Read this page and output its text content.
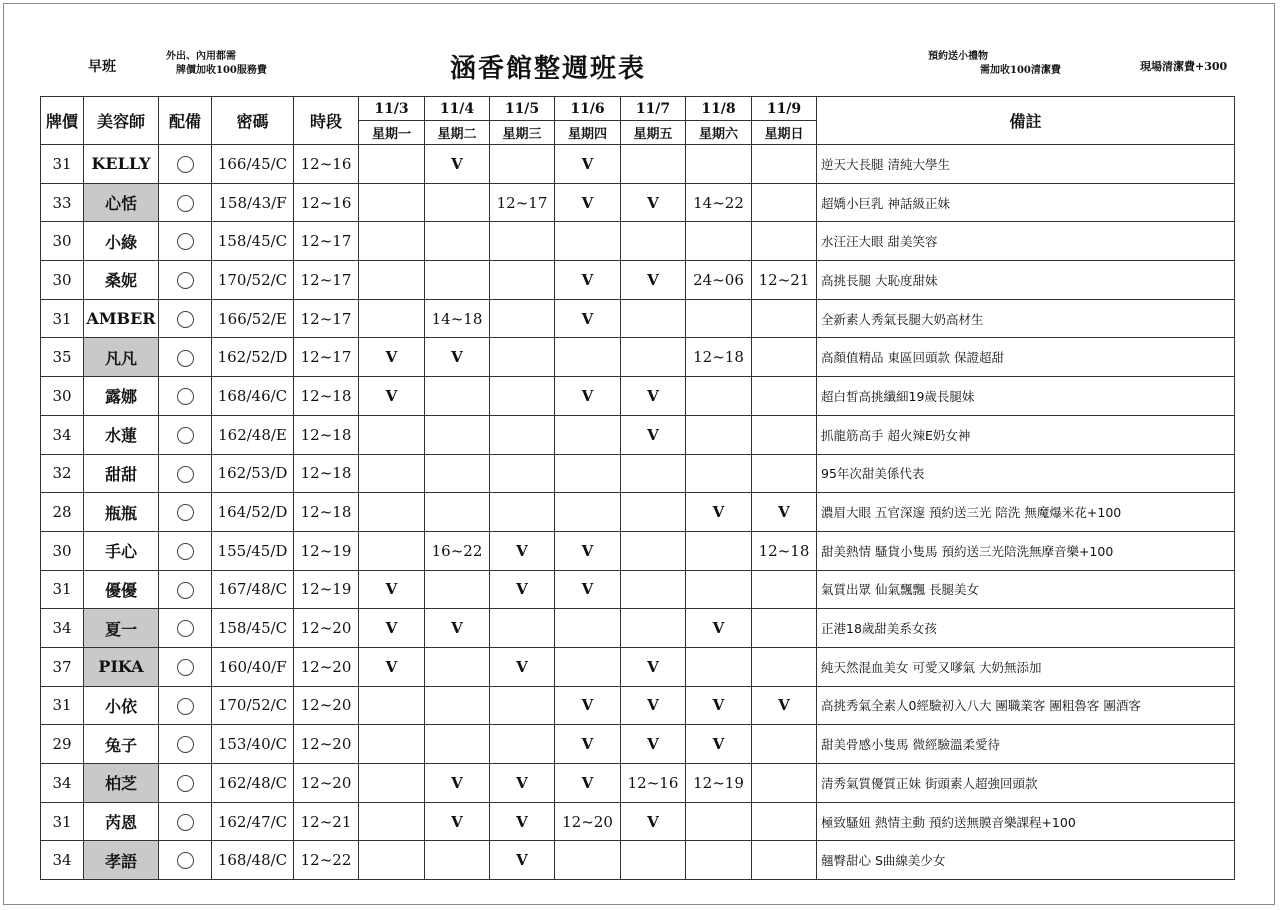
早班
外出、內用都需
牌價加收100服務費	涵香館整週班表	預約送小禮物
需加收100清潔費	現場清潔費+300
牌價	美容師	配備	密碼	時段	11/3	11/4	11/5	11/6	11/7	11/8	11/9	備註
					星期一	星期二	星期三	星期四	星期五	星期六	星期日	
31	KELLY		166/45/C	12~16		V		V				逆天大長腿 清純大學生
33	心恬		158/43/F	12~16			12~17	V	V	14~22		超嬌小巨乳 神話級正妹
30	小綠		158/45/C	12~17								水汪汪大眼 甜美笑容
30	桑妮		170/52/C	12~17				V	V	24~06	12~21	高挑長腿 大恥度甜妹
31	AMBER		166/52/E	12~17		14~18		V				全新素人秀氣長腿大奶高材生
35	凡凡		162/52/D	12~17	V	V				12~18		高顏值精品 東區回頭款 保證超甜
30	露娜		168/46/C	12~18	V			V	V			超白皙高挑纖細19歲長腿妹
34	水蓮		162/48/E	12~18					V			抓龍筋高手 超火辣E奶女神
32	甜甜		162/53/D	12~18								95年次甜美係代表
28	瓶瓶		164/52/D	12~18						V	V	濃眉大眼 五官深邃 預約送三光 陪洗 無魔爆米花+100
30	手心		155/45/D	12~19		16~22	V	V			12~18	甜美熱情 騷貨小隻馬 預約送三光陪洗無摩音樂+100
31	優優		167/48/C	12~19	V		V	V				氣質出眾 仙氣飄飄 長腿美女
34	夏一		158/45/C	12~20	V	V				V		正港18歲甜美系女孩
37	PIKA		160/40/F	12~20	V		V		V			純天然混血美女 可愛又嗲氣 大奶無添加
31	小依		170/52/C	12~20				V	V	V	V	高挑秀氣全素人0經驗初入八大 團職業客 團粗魯客 團酒客
29	兔子		153/40/C	12~20				V	V	V		甜美骨感小隻馬 微經驗溫柔愛待
34	柏芝		162/48/C	12~20		V	V	V	12~16	12~19		清秀氣質優質正妹 街頭素人超強回頭款
31	芮恩		162/47/C	12~21		V	V	12~20	V			極致騷妞 熱情主動 預約送無膜音樂課程+100
34	孝語		168/48/C	12~22			V					翹臀甜心 S曲線美少女
